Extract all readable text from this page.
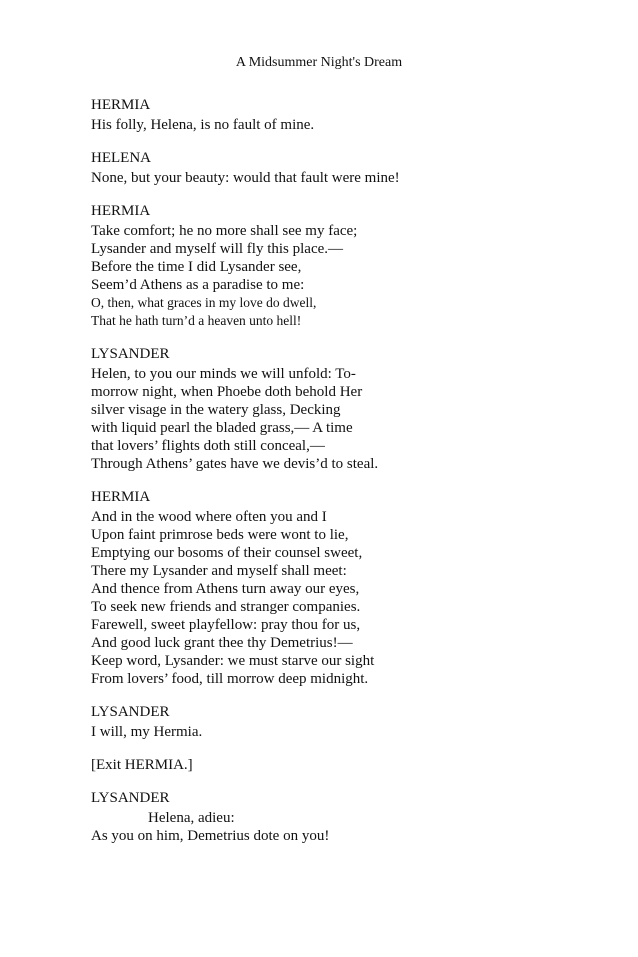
A Midsummer Night's Dream
HERMIA
His folly, Helena, is no fault of mine.
HELENA
None, but your beauty: would that fault were mine!
HERMIA
Take comfort; he no more shall see my face;
Lysander and myself will fly this place.—
Before the time I did Lysander see,
Seem’d Athens as a paradise to me:
O, then, what graces in my love do dwell,
That he hath turn’d a heaven unto hell!
LYSANDER
Helen, to you our minds we will unfold: To-
morrow night, when Phoebe doth behold Her
silver visage in the watery glass, Decking
with liquid pearl the bladed grass,— A time
that lovers’ flights doth still conceal,—
Through Athens’ gates have we devis’d to steal.
HERMIA
And in the wood where often you and I
Upon faint primrose beds were wont to lie,
Emptying our bosoms of their counsel sweet,
There my Lysander and myself shall meet:
And thence from Athens turn away our eyes,
To seek new friends and stranger companies.
Farewell, sweet playfellow: pray thou for us,
And good luck grant thee thy Demetrius!—
Keep word, Lysander: we must starve our sight
From lovers’ food, till morrow deep midnight.
LYSANDER
I will, my Hermia.
[Exit HERMIA.]
LYSANDER
Helena, adieu:
As you on him, Demetrius dote on you!
